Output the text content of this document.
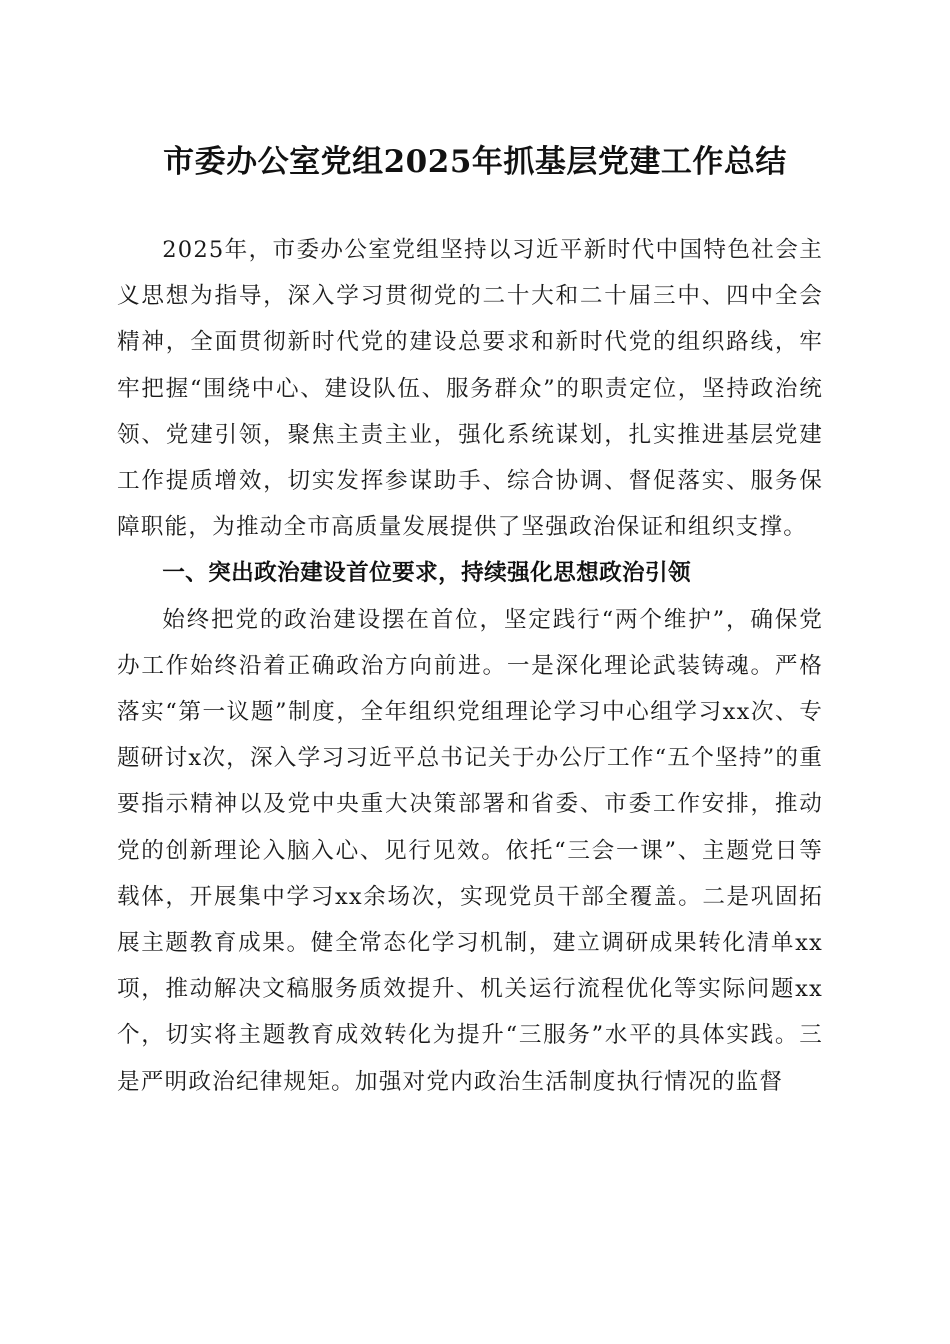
市委办公室党组2025年抓基层党建工作总结

2025年，市委办公室党组坚持以习近平新时代中国特色社会主义思想为指导，深入学习贯彻党的二十大和二十届三中、四中全会精神，全面贯彻新时代党的建设总要求和新时代党的组织路线，牢牢把握“围绕中心、建设队伍、服务群众”的职责定位，坚持政治统领、党建引领，聚焦主责主业，强化系统谋划，扎实推进基层党建工作提质增效，切实发挥参谋助手、综合协调、督促落实、服务保障职能，为推动全市高质量发展提供了坚强政治保证和组织支撑。

一、突出政治建设首位要求，持续强化思想政治引领

始终把党的政治建设摆在首位，坚定践行“两个维护”，确保党办工作始终沿着正确政治方向前进。一是深化理论武装铸魂。严格落实“第一议题”制度，全年组织党组理论学习中心组学习xx次、专题研讨x次，深入学习习近平总书记关于办公厅工作“五个坚持”的重要指示精神以及党中央重大决策部署和省委、市委工作安排，推动党的创新理论入脑入心、见行见效。依托“三会一课”、主题党日等载体，开展集中学习xx余场次，实现党员干部全覆盖。二是巩固拓展主题教育成果。健全常态化学习机制，建立调研成果转化清单xx项，推动解决文稿服务质效提升、机关运行流程优化等实际问题xx个，切实将主题教育成效转化为提升“三服务”水平的具体实践。三是严明政治纪律规矩。加强对党内政治生活制度执行情况的监督
